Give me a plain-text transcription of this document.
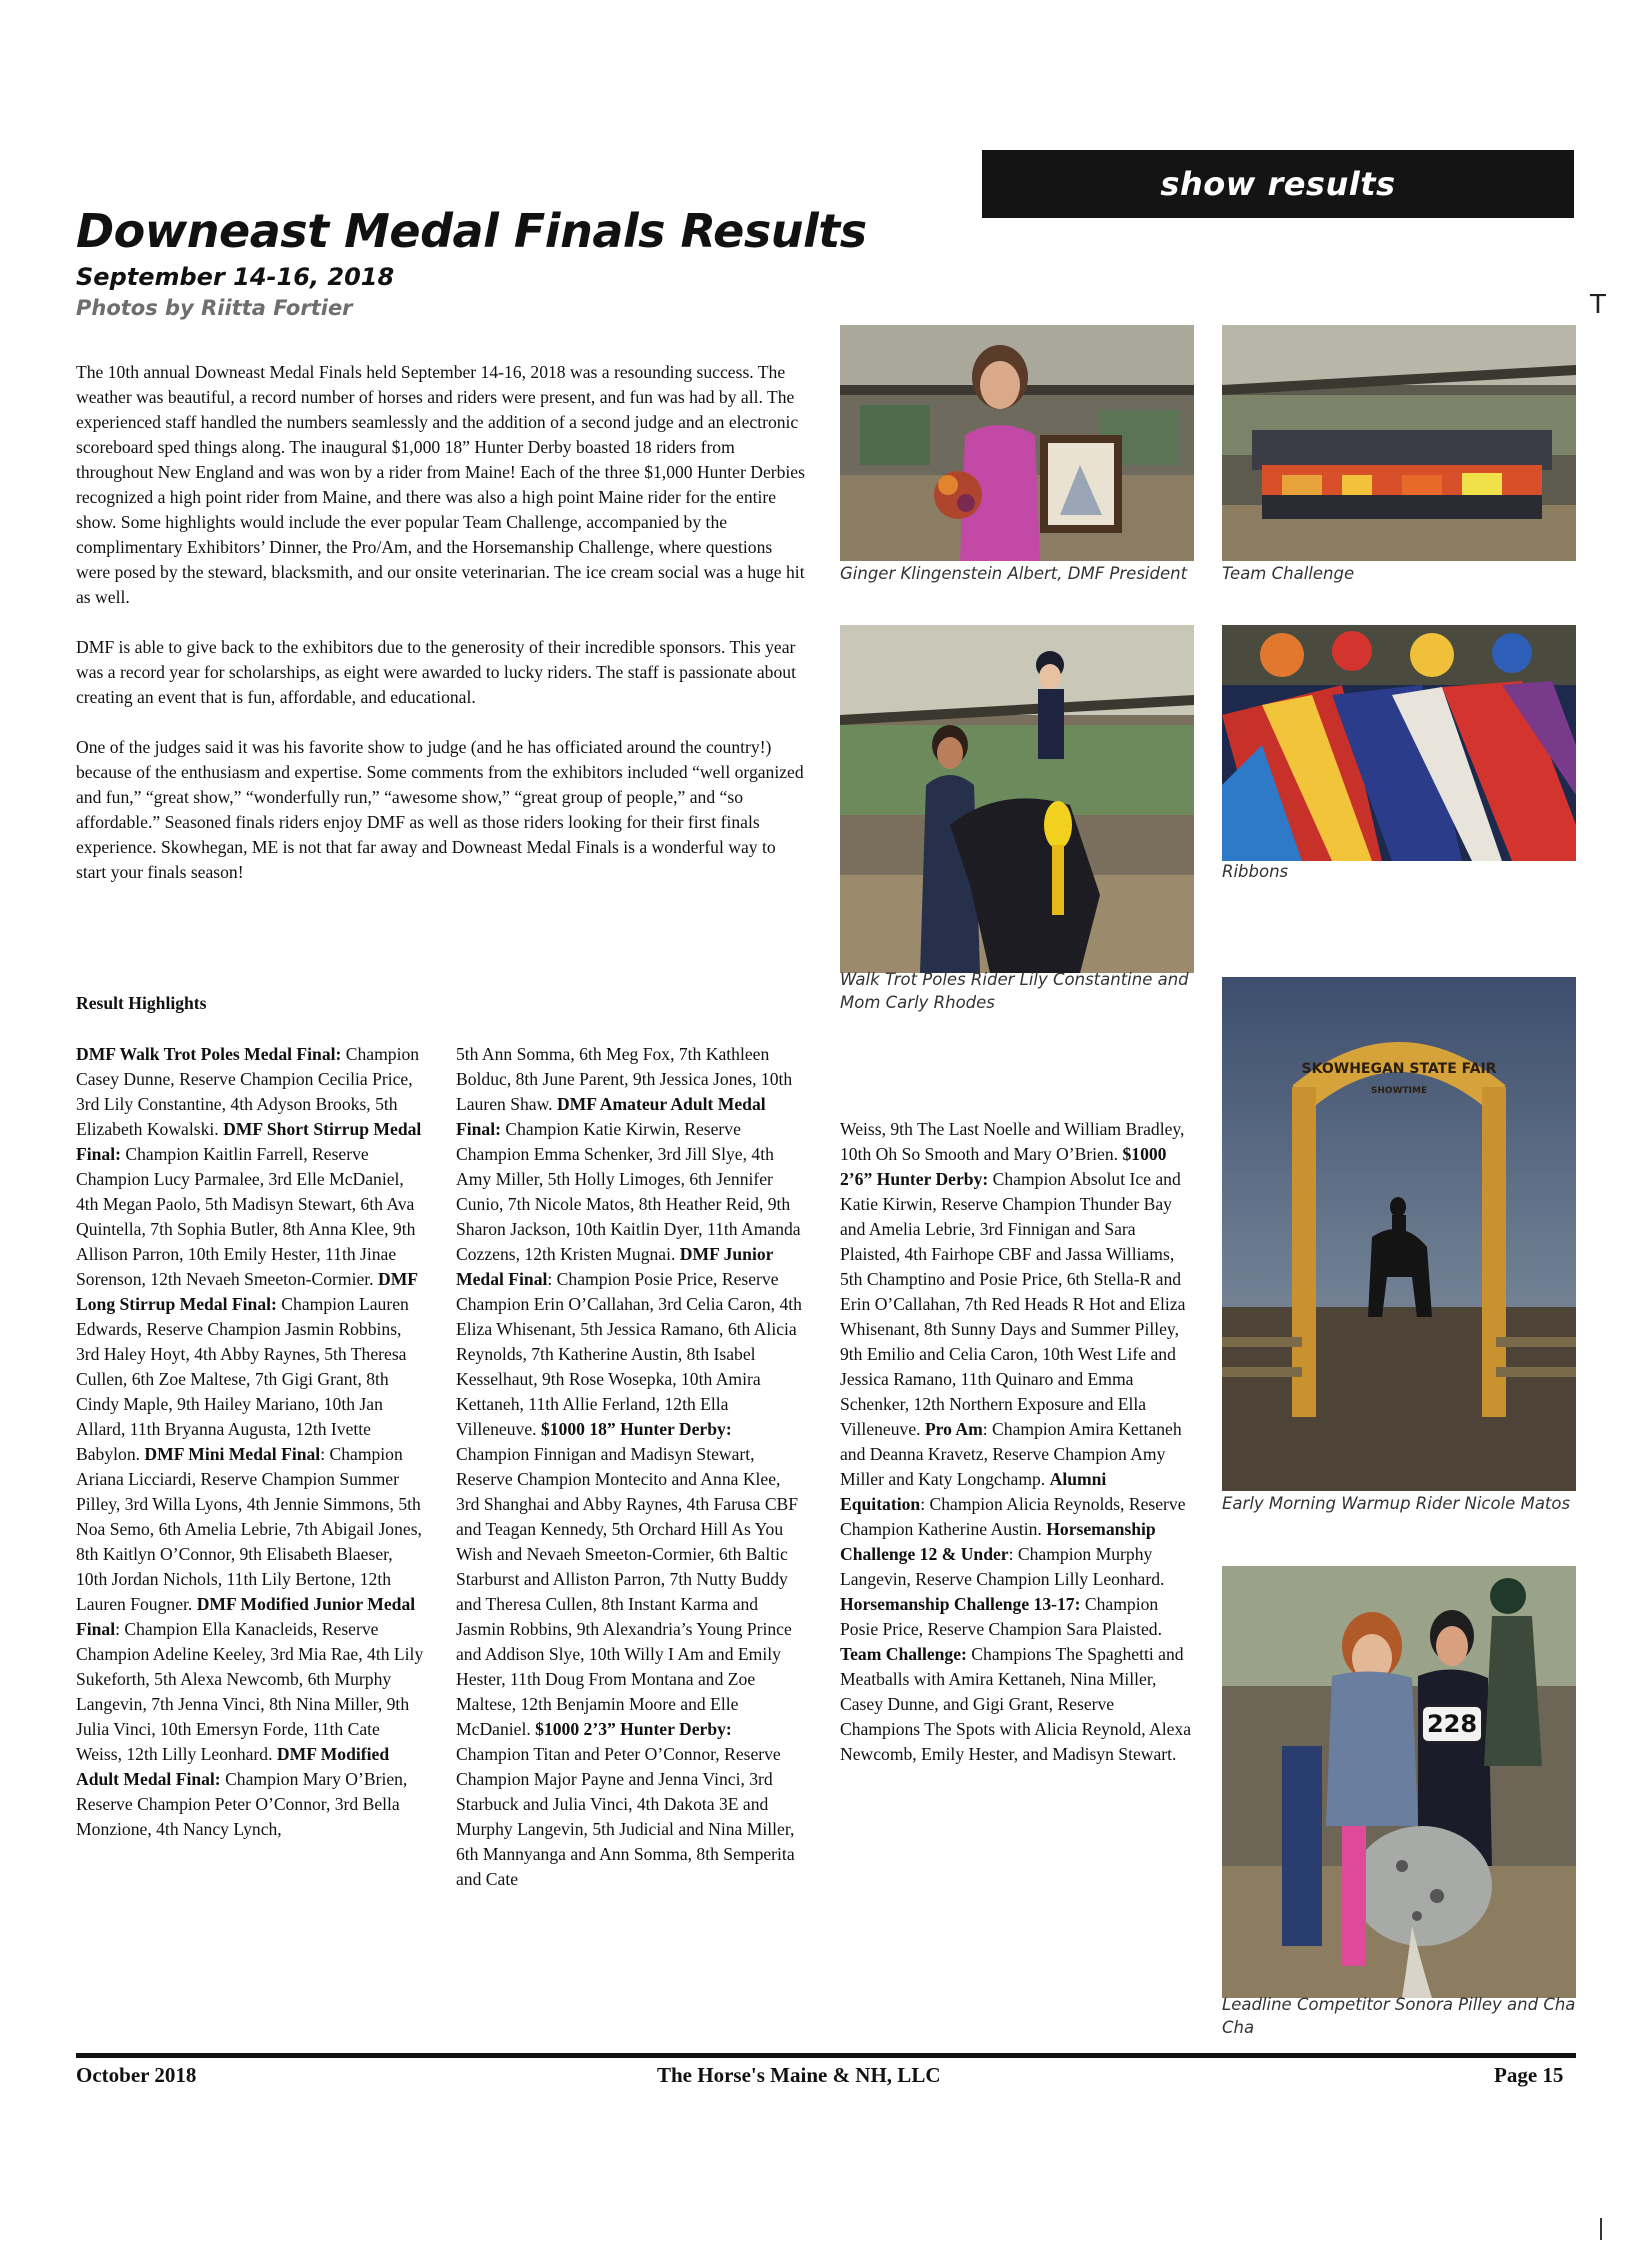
show results
Downeast Medal Finals Results
September 14-16, 2018
Photos by Riitta Fortier	T

The 10th annual Downeast Medal Finals held September 14-16, 2018 was a resounding success. The weather was beautiful, a record number of horses and riders were present, and fun was had by all. The experienced staff handled the numbers seamlessly and the addition of a second judge and an electronic scoreboard sped things along. The inaugural $1,000 18” Hunter Derby boasted 18 riders from throughout New England and was won by a rider from Maine! Each of the three $1,000 Hunter Derbies recognized a high point rider from Maine, and there was also a high point Maine rider for the entire show. Some highlights would include the ever popular Team Challenge, accompanied by the complimentary Exhibitors’ Dinner, the Pro/Am, and the Horsemanship Challenge, where questions were posed by the steward, blacksmith, and our onsite veterinarian. The ice cream social was a huge hit as well.

DMF is able to give back to the exhibitors due to the generosity of their incredible sponsors. This year was a record year for scholarships, as eight were awarded to lucky riders. The staff is passionate about creating an event that is fun, affordable, and educational.

One of the judges said it was his favorite show to judge (and he has officiated around the country!) because of the enthusiasm and expertise. Some comments from the exhibitors included “well organized and fun,” “great show,” “wonderfully run,” “awesome show,” “great group of people,” and “so affordable.” Seasoned finals riders enjoy DMF as well as those riders looking for their first finals experience. Skowhegan, ME is not that far away and Downeast Medal Finals is a wonderful way to start your finals season!

Result Highlights
DMF Walk Trot Poles Medal Final: Champion Casey Dunne, Reserve Champion Cecilia Price, 3rd Lily Constantine, 4th Adyson Brooks, 5th Elizabeth Kowalski. DMF Short Stirrup Medal Final: Champion Kaitlin Farrell, Reserve Champion Lucy Parmalee, 3rd Elle McDaniel, 4th Megan Paolo, 5th Madisyn Stewart, 6th Ava Quintella, 7th Sophia Butler, 8th Anna Klee, 9th Allison Parron, 10th Emily Hester, 11th Jinae Sorenson, 12th Nevaeh Smeeton-Cormier. DMF Long Stirrup Medal Final: Champion Lauren Edwards, Reserve Champion Jasmin Robbins, 3rd Haley Hoyt, 4th Abby Raynes, 5th Theresa Cullen, 6th Zoe Maltese, 7th Gigi Grant, 8th Cindy Maple, 9th Hailey Mariano, 10th Jan Allard, 11th Bryanna Augusta, 12th Ivette Babylon. DMF Mini Medal Final: Champion Ariana Licciardi, Reserve Champion Summer Pilley, 3rd Willa Lyons, 4th Jennie Simmons, 5th Noa Semo, 6th Amelia Lebrie, 7th Abigail Jones, 8th Kaitlyn O’Connor, 9th Elisabeth Blaeser, 10th Jordan Nichols, 11th Lily Bertone, 12th Lauren Fougner. DMF Modified Junior Medal Final: Champion Ella Kanacleids, Reserve Champion Adeline Keeley, 3rd Mia Rae, 4th Lily Sukeforth, 5th Alexa Newcomb, 6th Murphy Langevin, 7th Jenna Vinci, 8th Nina Miller, 9th Julia Vinci, 10th Emersyn Forde, 11th Cate Weiss, 12th Lilly Leonhard. DMF Modified Adult Medal Final: Champion Mary O’Brien, Reserve Champion Peter O’Connor, 3rd Bella Monzione, 4th Nancy Lynch,
5th Ann Somma, 6th Meg Fox, 7th Kathleen Bolduc, 8th June Parent, 9th Jessica Jones, 10th Lauren Shaw. DMF Amateur Adult Medal Final: Champion Katie Kirwin, Reserve Champion Emma Schenker, 3rd Jill Slye, 4th Amy Miller, 5th Holly Limoges, 6th Jennifer Cunio, 7th Nicole Matos, 8th Heather Reid, 9th Sharon Jackson, 10th Kaitlin Dyer, 11th Amanda Cozzens, 12th Kristen Mugnai. DMF Junior Medal Final: Champion Posie Price, Reserve Champion Erin O’Callahan, 3rd Celia Caron, 4th Eliza Whisenant, 5th Jessica Ramano, 6th Alicia Reynolds, 7th Katherine Austin, 8th Isabel Kesselhaut, 9th Rose Wosepka, 10th Amira Kettaneh, 11th Allie Ferland, 12th Ella Villeneuve. $1000 18” Hunter Derby: Champion Finnigan and Madisyn Stewart, Reserve Champion Montecito and Anna Klee, 3rd Shanghai and Abby Raynes, 4th Farusa CBF and Teagan Kennedy, 5th Orchard Hill As You Wish and Nevaeh Smeeton-Cormier, 6th Baltic Starburst and Alliston Parron, 7th Nutty Buddy and Theresa Cullen, 8th Instant Karma and Jasmin Robbins, 9th Alexandria’s Young Prince and Addison Slye, 10th Willy I Am and Emily Hester, 11th Doug From Montana and Zoe Maltese, 12th Benjamin Moore and Elle McDaniel. $1000 2’3” Hunter Derby: Champion Titan and Peter O’Connor, Reserve Champion Major Payne and Jenna Vinci, 3rd Starbuck and Julia Vinci, 4th Dakota 3E and Murphy Langevin, 5th Judicial and Nina Miller, 6th Mannyanga and Ann Somma, 8th Semperita and Cate
Weiss, 9th The Last Noelle and William Bradley, 10th Oh So Smooth and Mary O’Brien. $1000 2’6” Hunter Derby: Champion Absolut Ice and Katie Kirwin, Reserve Champion Thunder Bay and Amelia Lebrie, 3rd Finnigan and Sara Plaisted, 4th Fairhope CBF and Jassa Williams, 5th Champtino and Posie Price, 6th Stella-R and Erin O’Callahan, 7th Red Heads R Hot and Eliza Whisenant, 8th Sunny Days and Summer Pilley, 9th Emilio and Celia Caron, 10th West Life and Jessica Ramano, 11th Quinaro and Emma Schenker, 12th Northern Exposure and Ella Villeneuve. Pro Am: Champion Amira Kettaneh and Deanna Kravetz, Reserve Champion Amy Miller and Katy Longchamp. Alumni Equitation: Champion Alicia Reynolds, Reserve Champion Katherine Austin. Horsemanship Challenge 12 & Under: Champion Murphy Langevin, Reserve Champion Lilly Leonhard. Horsemanship Challenge 13-17: Champion Posie Price, Reserve Champion Sara Plaisted. Team Challenge: Champions The Spaghetti and Meatballs with Amira Kettaneh, Nina Miller, Casey Dunne, and Gigi Grant, Reserve Champions The Spots with Alicia Reynold, Alexa Newcomb, Emily Hester, and Madisyn Stewart.
Ginger Klingenstein Albert, DMF President	Team Challenge
Walk Trot Poles Rider Lily Constantine and Mom Carly Rhodes
Ribbons
SKOWHEGAN STATE FAIR
SHOWTIME
Early Morning Warmup Rider Nicole Matos
228
Leadline Competitor Sonora Pilley and Cha Cha
October 2018	The Horse's Maine & NH, LLC	Page 15
